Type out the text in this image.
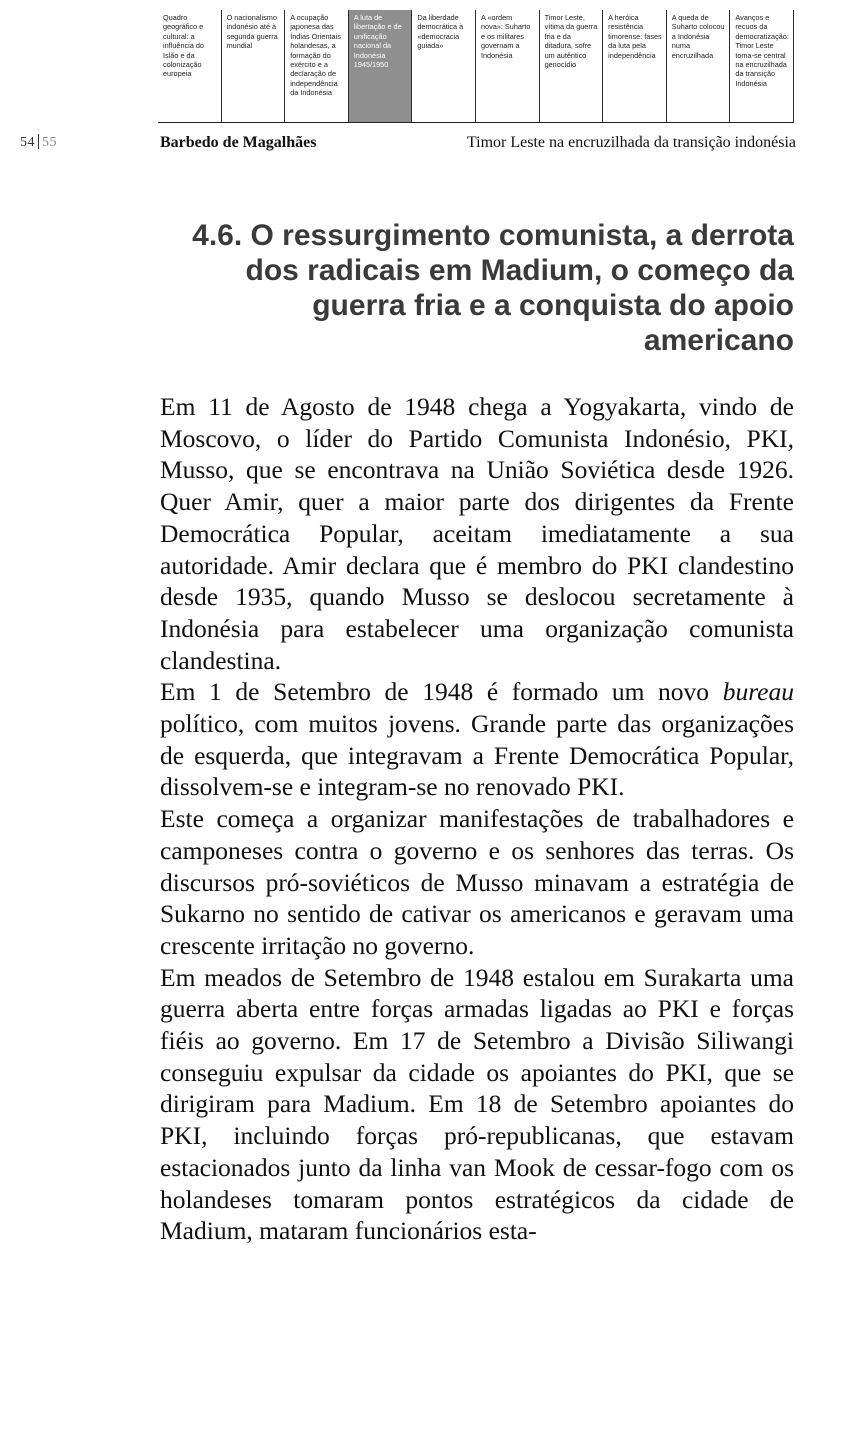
Quadro geográfico e cultural: a influência do Islão e da colonização europeia
O nacionalismo indonésio até à segunda guerra mundial
A ocupação japonesa das Índias Orientais holandesas, a formação do exército e a declaração de independência da Indonésia
A luta de libertação e de unificação nacional da Indonésia 1945/1950
Da liberdade democrática à «democracia guiada»
A «ordem nova»: Suharto e os militares governam a Indonésia
Timor Leste, vítima da guerra fria e da ditadura, sofre um autêntico genocídio
A heróica resistência timorense: fases da luta pela independência
A queda de Suharto colocou a Indonésia numa encruzilhada
Avanços e recuos da democratização: Timor Leste toma-se central na encruzilhada da transição Indonésia
54 55	Barbedo de Magalhães	Timor Leste na encruzilhada da transição indonésia
4.6. O ressurgimento comunista, a derrota dos radicais em Madium, o começo da guerra fria e a conquista do apoio americano

Em 11 de Agosto de 1948 chega a Yogyakarta, vindo de Moscovo, o líder do Partido Comunista Indonésio, PKI, Musso, que se encontrava na União Soviética desde 1926. Quer Amir, quer a maior parte dos dirigentes da Frente Democrática Popular, aceitam imediatamente a sua autoridade. Amir declara que é membro do PKI clandestino desde 1935, quando Musso se deslocou secretamente à Indonésia para estabelecer uma organização comunista clandestina.

Em 1 de Setembro de 1948 é formado um novo bureau político, com muitos jovens. Grande parte das organizações de esquerda, que integravam a Frente Democrática Popular, dissolvem-se e integram-se no renovado PKI.

Este começa a organizar manifestações de trabalhadores e camponeses contra o governo e os senhores das terras. Os discursos pró-soviéticos de Musso minavam a estratégia de Sukarno no sentido de cativar os americanos e geravam uma crescente irritação no governo.

Em meados de Setembro de 1948 estalou em Surakarta uma guerra aberta entre forças armadas ligadas ao PKI e forças fiéis ao governo. Em 17 de Setembro a Divisão Siliwangi conseguiu expulsar da cidade os apoiantes do PKI, que se dirigiram para Madium. Em 18 de Setembro apoiantes do PKI, incluindo forças pró-republicanas, que estavam estacionados junto da linha van Mook de cessar-fogo com os holandeses tomaram pontos estratégicos da cidade de Madium, mataram funcionários esta-
